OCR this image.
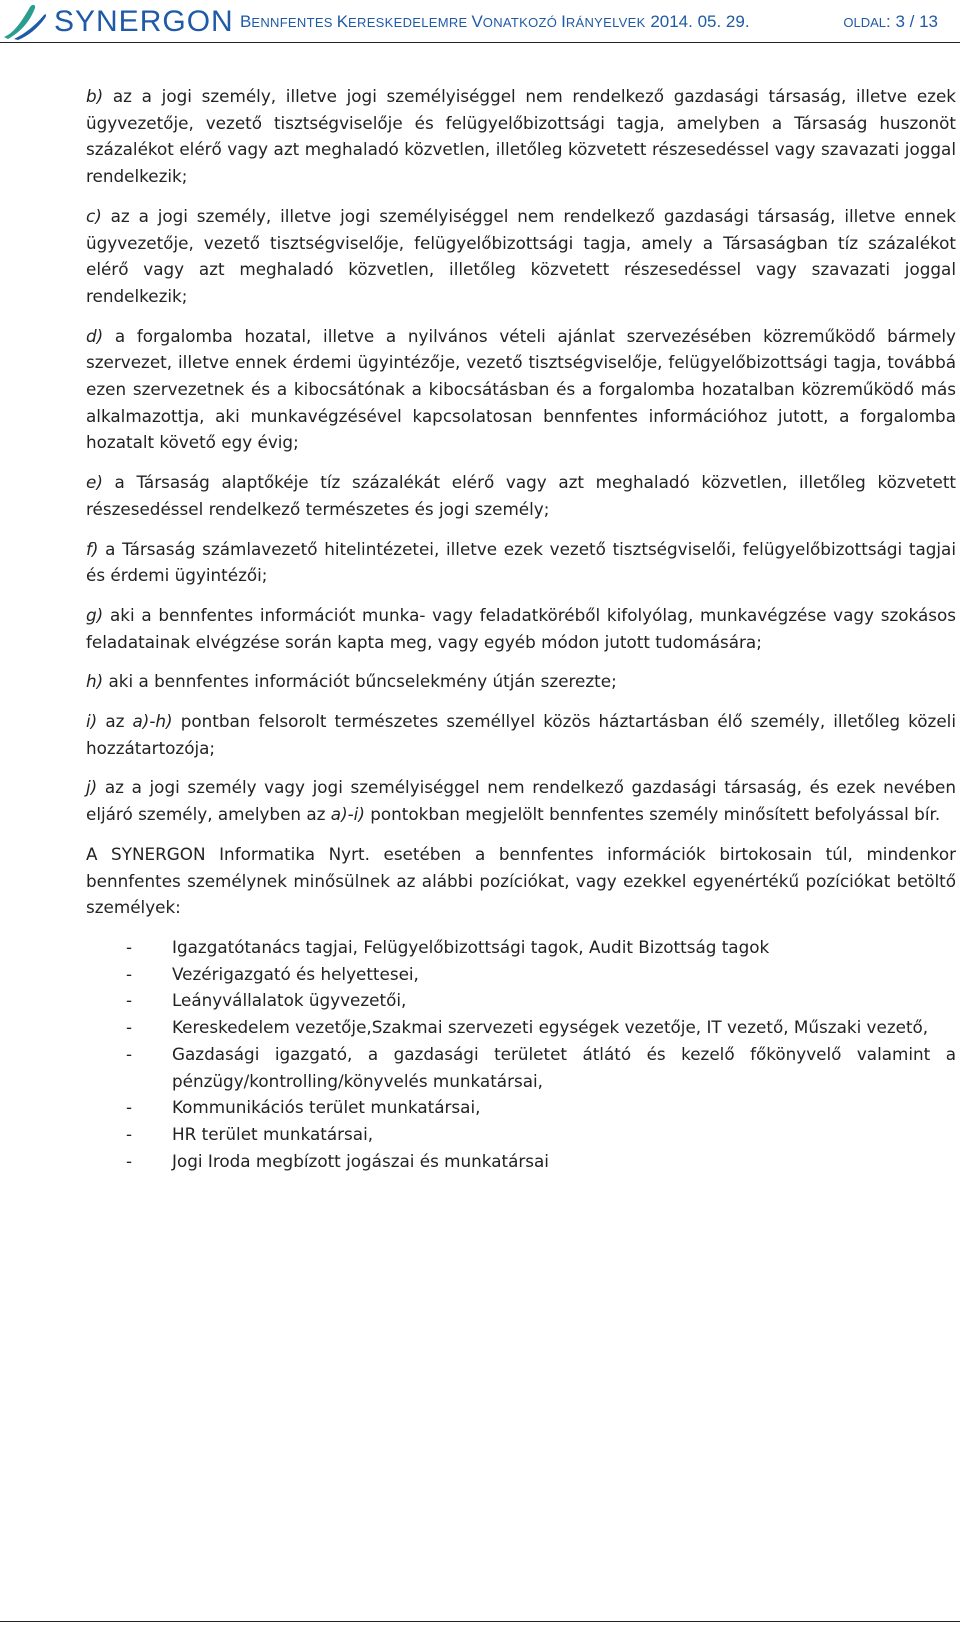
SYNERGON BENNFENTES KERESKEDELEMRE VONATKOZÓ IRÁNYELVEK 2014. 05. 29.	OLDAL: 3 / 13

b) az a jogi személy, illetve jogi személyiséggel nem rendelkező gazdasági társaság, illetve ezek ügyvezetője, vezető tisztségviselője és felügyelőbizottsági tagja, amelyben a Társaság huszonöt százalékot elérő vagy azt meghaladó közvetlen, illetőleg közvetett részesedéssel vagy szavazati joggal rendelkezik;

c) az a jogi személy, illetve jogi személyiséggel nem rendelkező gazdasági társaság, illetve ennek ügyvezetője, vezető tisztségviselője, felügyelőbizottsági tagja, amely a Társaságban tíz százalékot elérő vagy azt meghaladó közvetlen, illetőleg közvetett részesedéssel vagy szavazati joggal rendelkezik;

d) a forgalomba hozatal, illetve a nyilvános vételi ajánlat szervezésében közreműködő bármely szervezet, illetve ennek érdemi ügyintézője, vezető tisztségviselője, felügyelőbizottsági tagja, továbbá ezen szervezetnek és a kibocsátónak a kibocsátásban és a forgalomba hozatalban közreműködő más alkalmazottja, aki munkavégzésével kapcsolatosan bennfentes információhoz jutott, a forgalomba hozatalt követő egy évig;

e) a Társaság alaptőkéje tíz százalékát elérő vagy azt meghaladó közvetlen, illetőleg közvetett részesedéssel rendelkező természetes és jogi személy;

f) a Társaság számlavezető hitelintézetei, illetve ezek vezető tisztségviselői, felügyelőbizottsági tagjai és érdemi ügyintézői;

g) aki a bennfentes információt munka- vagy feladatköréből kifolyólag, munkavégzése vagy szokásos feladatainak elvégzése során kapta meg, vagy egyéb módon jutott tudomására;

h) aki a bennfentes információt bűncselekmény útján szerezte;

i) az a)-h) pontban felsorolt természetes személlyel közös háztartásban élő személy, illetőleg közeli hozzátartozója;

j) az a jogi személy vagy jogi személyiséggel nem rendelkező gazdasági társaság, és ezek nevében eljáró személy, amelyben az a)-i) pontokban megjelölt bennfentes személy minősített befolyással bír.

A SYNERGON Informatika Nyrt. esetében a bennfentes információk birtokosain túl, mindenkor bennfentes személynek minősülnek az alábbi pozíciókat, vagy ezekkel egyenértékű pozíciókat betöltő személyek:

- Igazgatótanács tagjai, Felügyelőbizottsági tagok, Audit Bizottság tagok
- Vezérigazgató és helyettesei,
- Leányvállalatok ügyvezetői,
- Kereskedelem vezetője,Szakmai szervezeti egységek vezetője, IT vezető, Műszaki vezető,
- Gazdasági igazgató, a gazdasági területet átlátó és kezelő főkönyvelő valamint a pénzügy/kontrolling/könyvelés munkatársai,
- Kommunikációs terület munkatársai,
- HR terület munkatársai,
- Jogi Iroda megbízott jogászai és munkatársai
